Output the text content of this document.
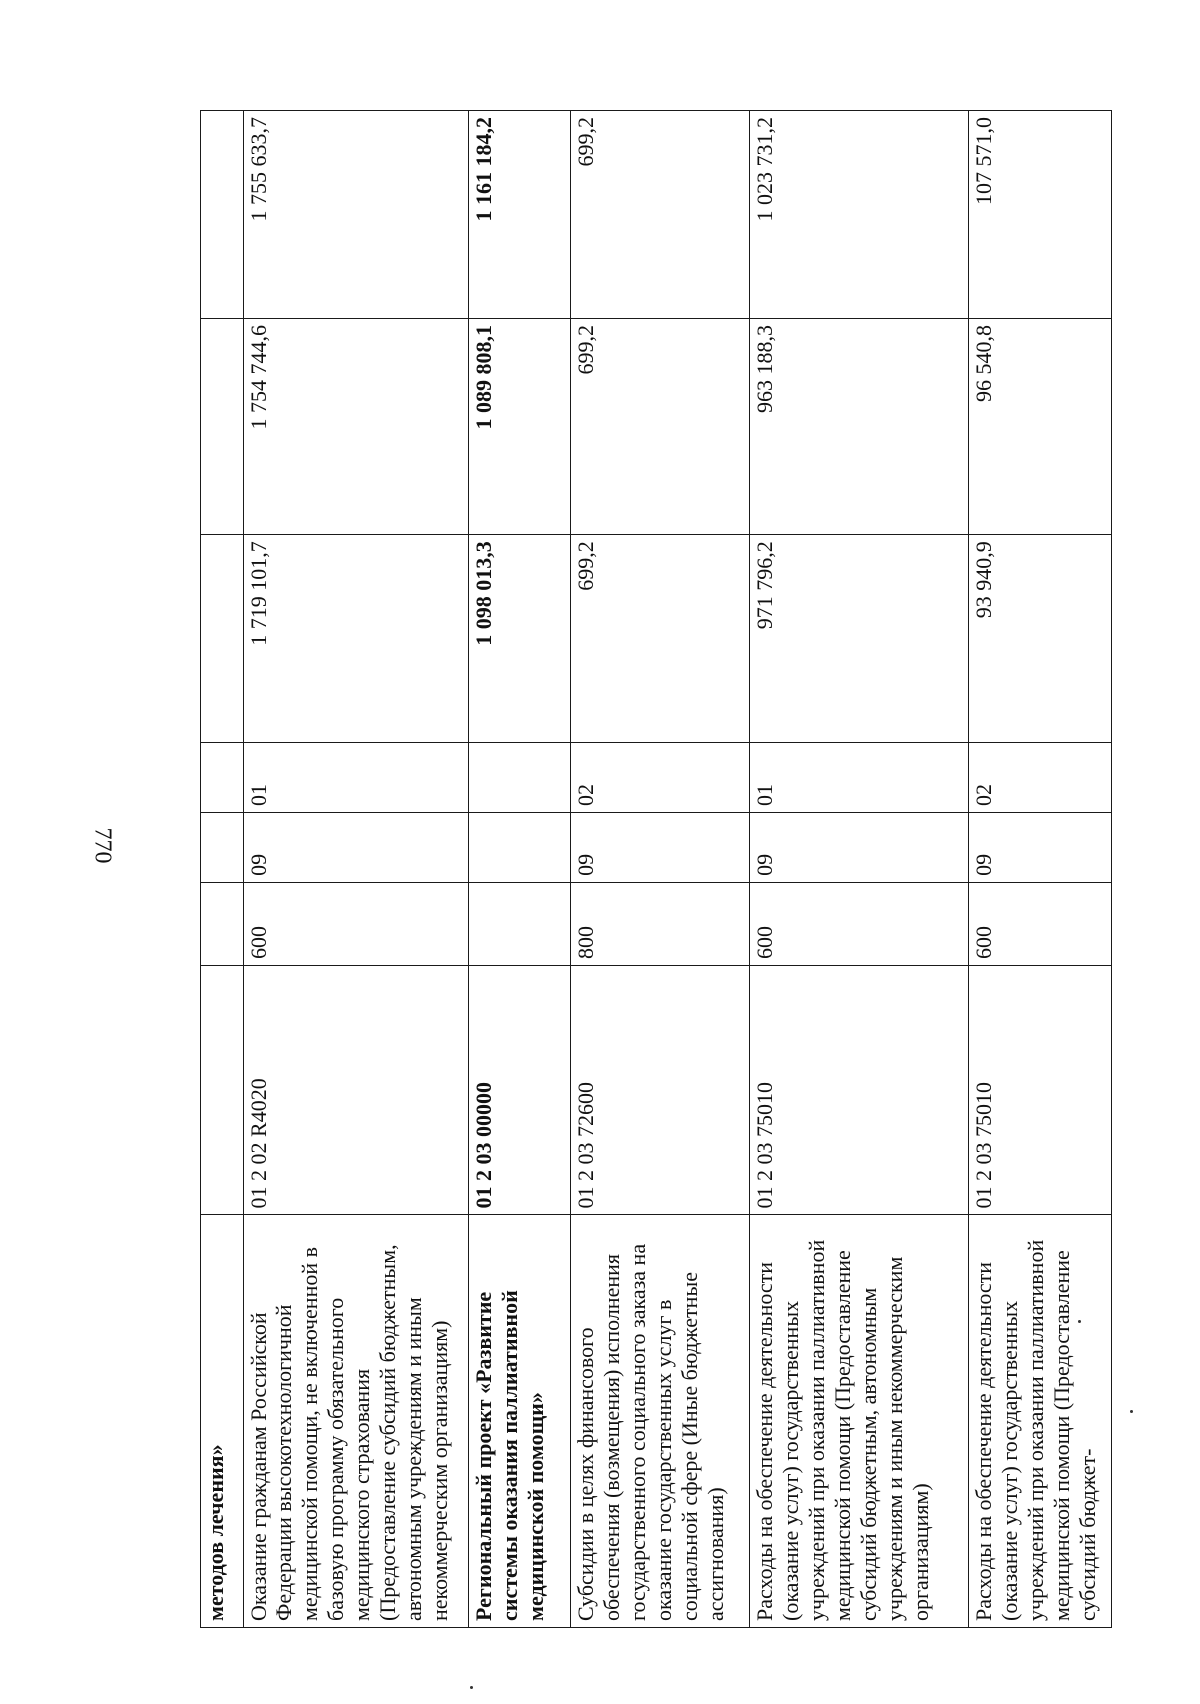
770
методов лечения»							
Оказание гражданам Российской Федерации высокотехнологичной медицинской помощи, не включенной в базовую программу обязательного медицинского страхования (Предоставление субсидий бюджетным, автономным учреждениям и иным некоммерческим организациям)	01 2 02 R4020	600	09	01	1 719 101,7	1 754 744,6	1 755 633,7
Региональный проект «Развитие системы оказания паллиативной медицинской помощи»	01 2 03 00000				1 098 013,3	1 089 808,1	1 161 184,2
Субсидии в целях финансового обеспечения (возмещения) исполнения государственного социального заказа на оказание государственных услуг в социальной сфере (Иные бюджетные ассигнования)	01 2 03 72600	800	09	02	699,2	699,2	699,2
Расходы на обеспечение деятельности (оказание услуг) государственных учреждений при оказании паллиативной медицинской помощи (Предоставление субсидий бюджетным, автономным учреждениям и иным некоммерческим организациям)	01 2 03 75010	600	09	01	971 796,2	963 188,3	1 023 731,2
Расходы на обеспечение деятельности (оказание услуг) государственных учреждений при оказании паллиативной медицинской помощи (Предоставление субсидий бюджет-	01 2 03 75010	600	09	02	93 940,9	96 540,8	107 571,0
